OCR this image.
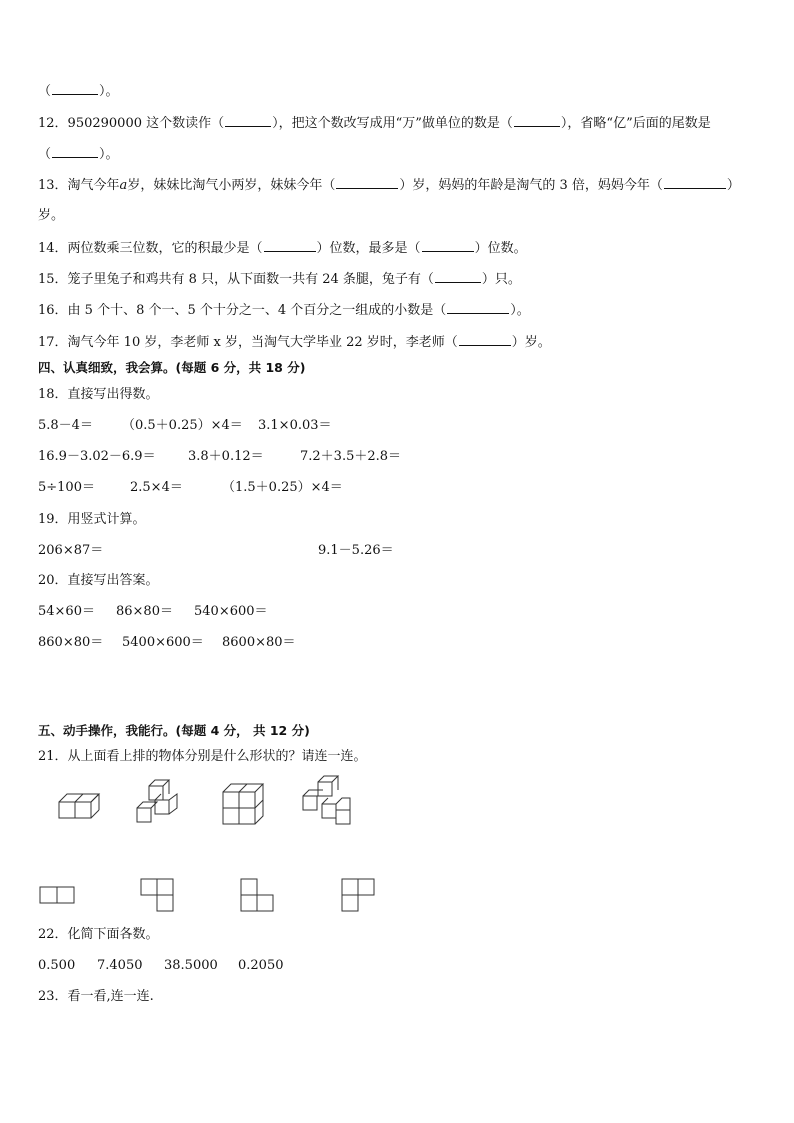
（	）。
12．950290000 这个数读作（	），把这个数改写成用“万”做单位的数是（	），省略“亿”后面的尾数是
（	）。
13．淘气今年a岁，妹妹比淘气小两岁，妹妹今年（	）岁，妈妈的年龄是淘气的 3 倍，妈妈今年（	）
岁。
14．两位数乘三位数，它的积最少是（	）位数，最多是（	）位数。
15．笼子里兔子和鸡共有 8 只，从下面数一共有 24 条腿，兔子有（	）只。
16．由 5 个十、8 个一、5 个十分之一、4 个百分之一组成的小数是（	）。
17．淘气今年 10 岁，李老师 x 岁，当淘气大学毕业 22 岁时，李老师（	）岁。
四、认真细致，我会算。(每题 6 分，共 18 分)
18．直接写出得数。
5.8－4＝ （0.5＋0.25）×4＝ 3.1×0.03＝
16.9－3.02－6.9＝ 3.8＋0.12＝	7.2＋3.5＋2.8＝
5÷100＝	2.5×4＝	（1.5＋0.25）×4＝
19．用竖式计算。
206×87＝	9.1－5.26＝
20．直接写出答案。
54×60＝ 86×80＝ 540×600＝
860×80＝ 5400×600＝ 8600×80＝
五、动手操作，我能行。(每题 4 分， 共 12 分)
21．从上面看上排的物体分别是什么形状的？请连一连。
22．化简下面各数。
0.500 7.4050 38.5000 0.2050
23．看一看,连一连.
